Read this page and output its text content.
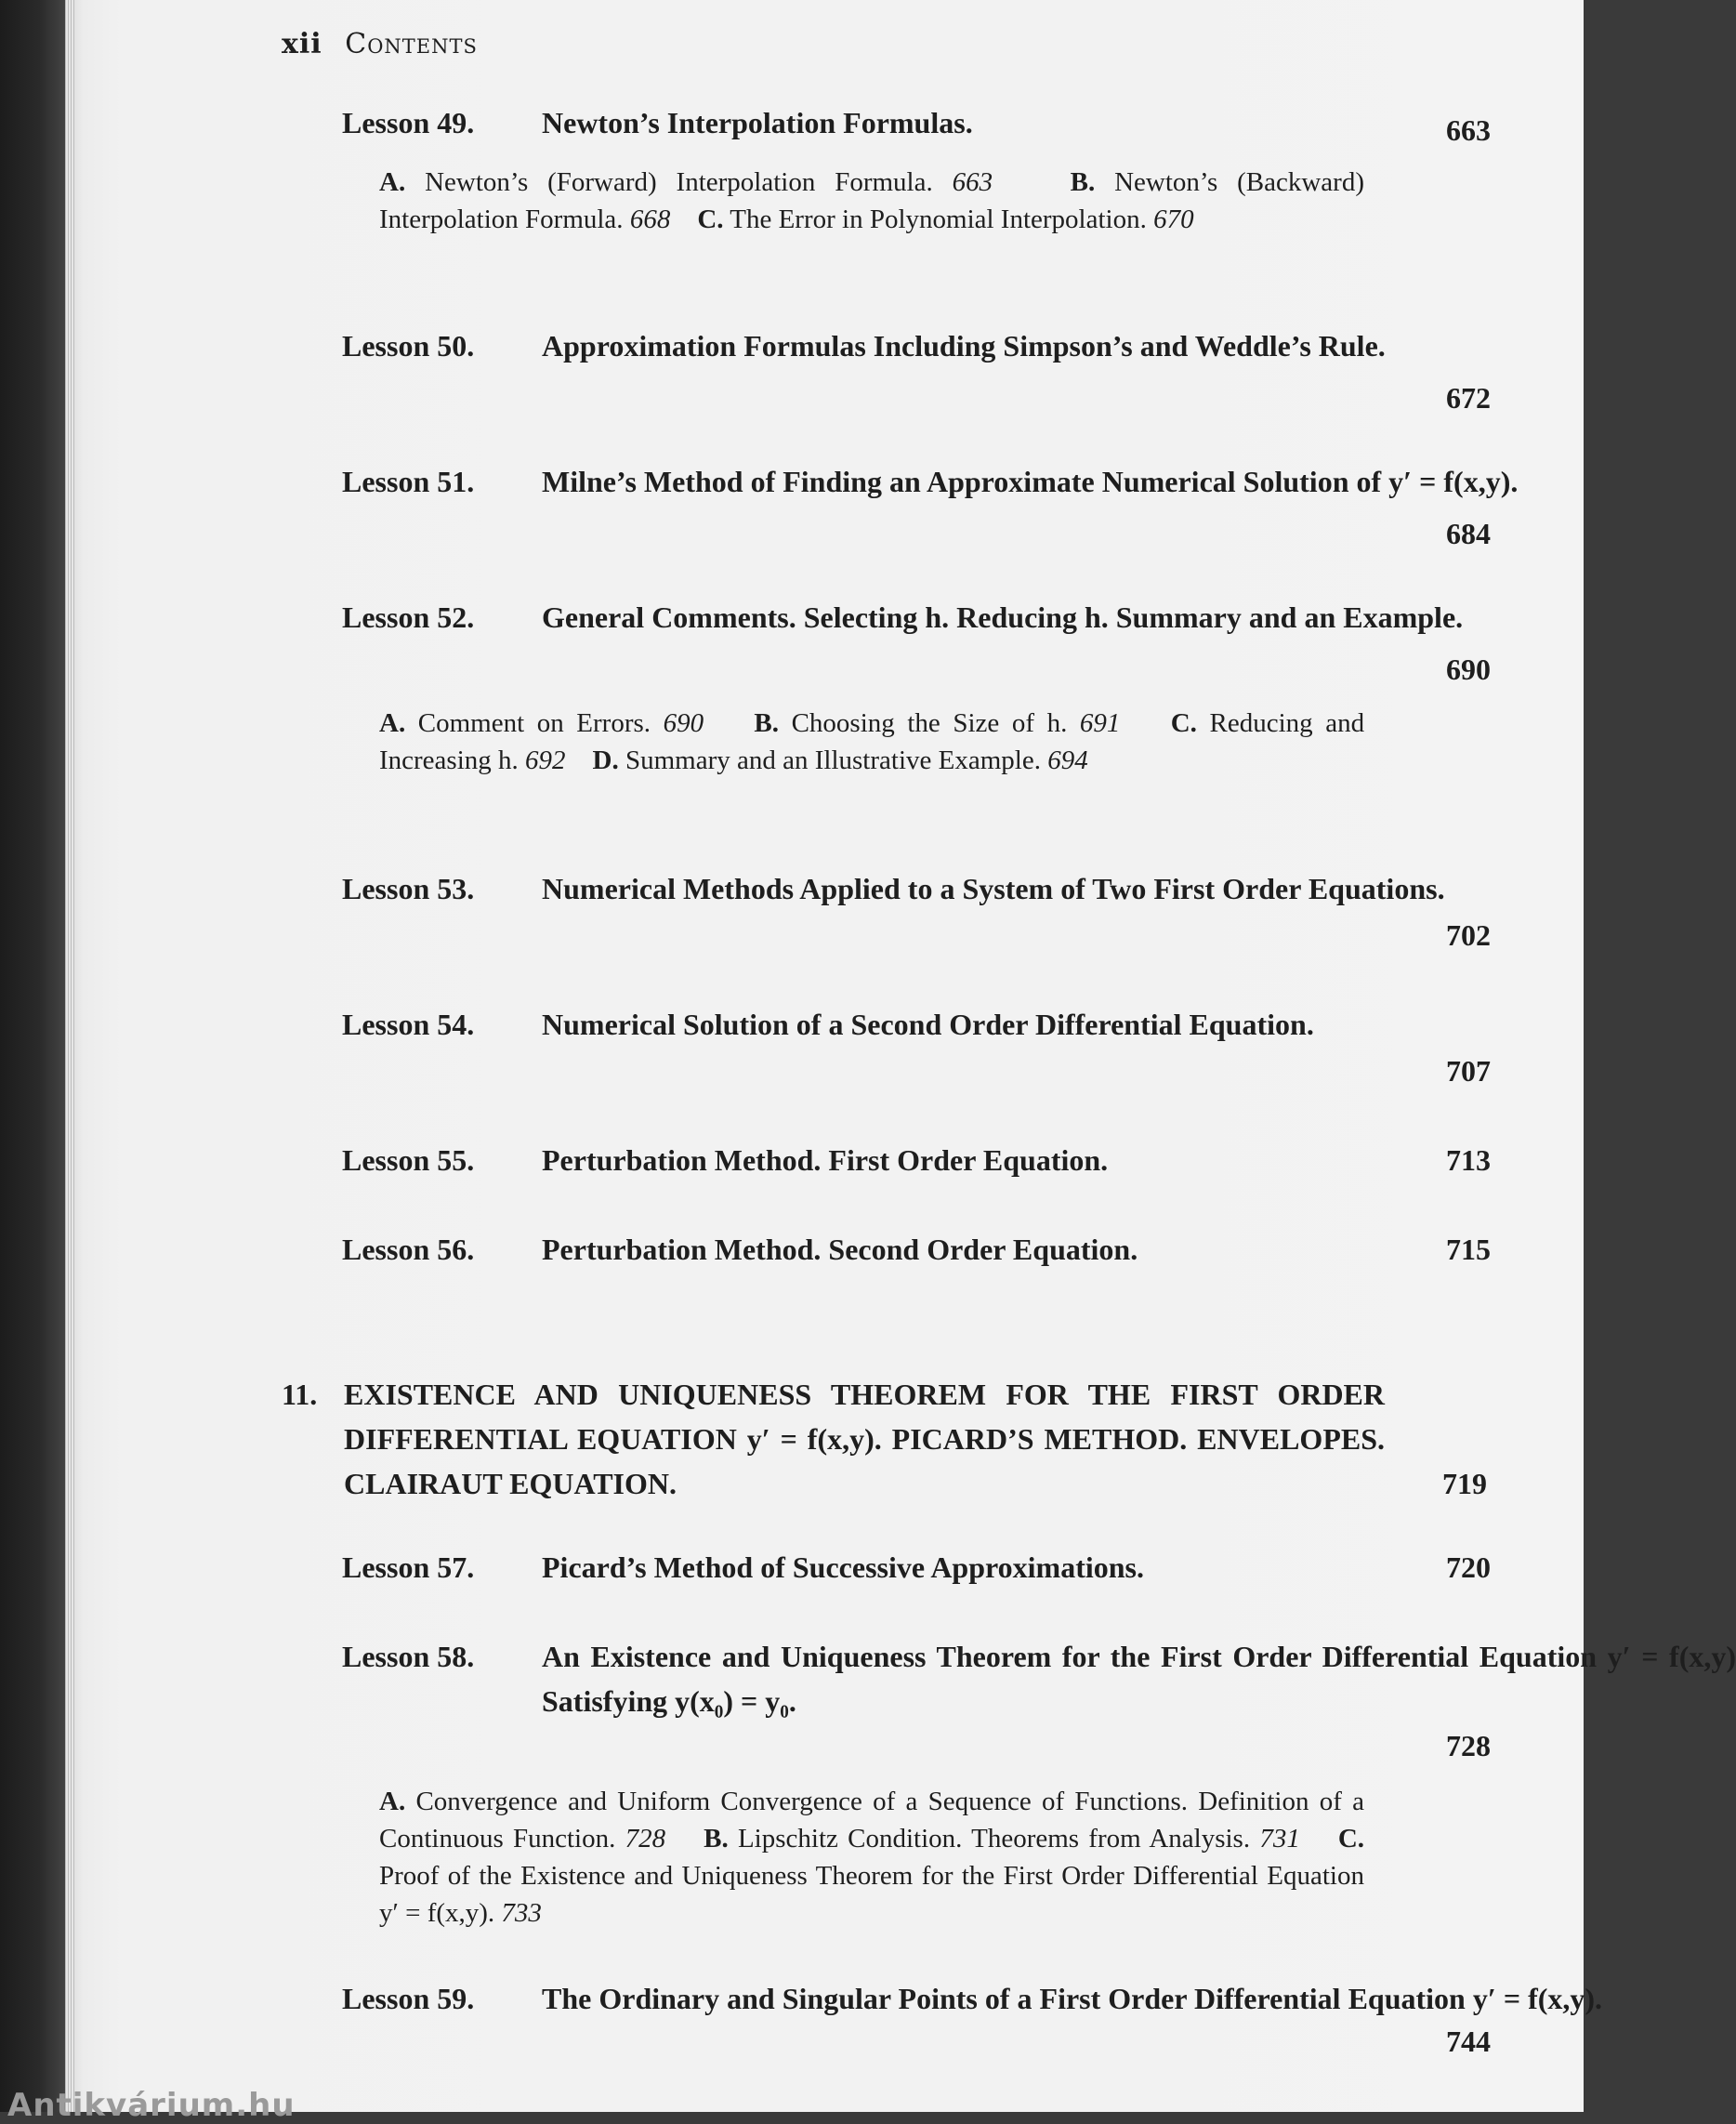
xii Contents
Lesson 49. Newton’s Interpolation Formulas.	663
A. Newton’s (Forward) Interpolation Formula. 663	B. Newton’s (Backward) Interpolation Formula. 668 C. The Error in Polynomial Interpolation. 670
Lesson 50. Approximation Formulas Including Simpson’s and Weddle’s Rule.
672
Lesson 51. Milne’s Method of Finding an Approximate Numerical Solution of y′ = f(x,y).
684
Lesson 52. General Comments. Selecting h. Reducing h. Summary and an Example.
690
A. Comment on Errors. 690 B. Choosing the Size of h. 691 C. Reducing and Increasing h. 692 D. Summary and an Illustrative Example. 694
Lesson 53. Numerical Methods Applied to a System of Two First Order Equations.
702
Lesson 54. Numerical Solution of a Second Order Differential Equation.
707
Lesson 55. Perturbation Method. First Order Equation.	713
Lesson 56. Perturbation Method. Second Order Equation.	715
11. EXISTENCE AND UNIQUENESS THEOREM FOR THE FIRST ORDER DIFFERENTIAL EQUATION y′ = f(x,y). PICARD’S METHOD. ENVELOPES. CLAIRAUT EQUATION.	719
Lesson 57. Picard’s Method of Successive Approximations.	720
Lesson 58. An Existence and Uniqueness Theorem for the First Order Differential Equation y′ = f(x,y) Satisfying y(x₀) = y₀.
728
A. Convergence and Uniform Convergence of a Sequence of Functions. Definition of a Continuous Function. 728 B. Lipschitz Condition. Theorems from Analysis. 731 C. Proof of the Existence and Uniqueness Theorem for the First Order Differential Equation y′ = f(x,y). 733
Lesson 59. The Ordinary and Singular Points of a First Order Differential Equation y′ = f(x,y).
744
Antikvárium.hu
